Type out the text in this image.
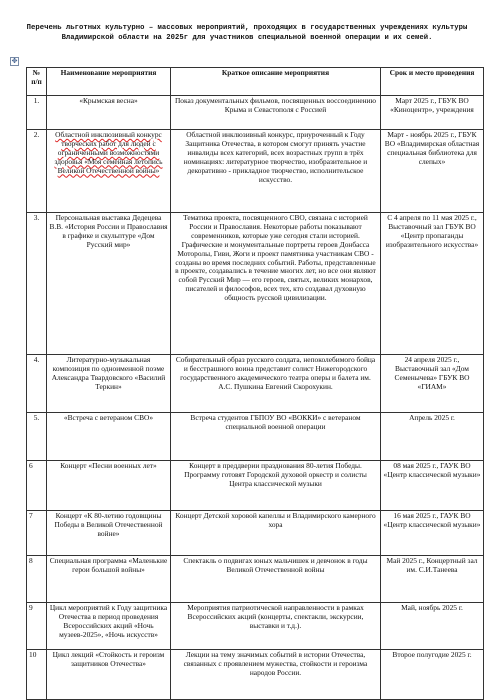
Перечень льготных культурно – массовых мероприятий, проходящих в государственных учреждениях культуры Владимирской области на 2025г для участников специальной военной операции и их семей.
✥
№ п/п	Наименование мероприятия	Краткое описание мероприятия	Срок и место проведения
1.	«Крымская весна»	Показ документальных фильмов, посвященных воссоединению Крыма и Севастополя с Россией	Март 2025 г., ГБУК ВО «Киноцентр», учреждения
2.	Областной инклюзивный конкурс творческих работ для людей с ограниченными возможностями здоровья «Моя семейная летопись Великой Отечественной войны»	Областной инклюзивный конкурс, приуроченный к Году Защитника Отечества, в котором смогут принять участие инвалиды всех категорий, всех возрастных групп в трёх номинациях: литературное творчество, изобразительное и декоративно - прикладное творчество, исполнительское искусство.	Март - ноябрь 2025 г., ГБУК ВО «Владимирская областная специальная библиотека для слепых»
3.	Персональная выставка Дедецева В.В. «История России и Православия в графике и скульптуре «Дом Русский мир»	Тематика проекта, посвященного СВО, связана с историей России и Православия. Некоторые работы показывают современников, которые уже сегодня стали историей. Графические и монументальные портреты героев Донбасса Моторолы, Гиви, Жоги и проект памятника участникам СВО - созданы во время последних событий. Работы, представленные в проекте, создавались в течение многих лет, но все они являют собой Русский Мир — его героев, святых, великих монархов, писателей и философов, всех тех, кто создавал духовную общность русской цивилизации.	С 4 апреля по 11 мая 2025 г., Выставочный зал ГБУК ВО «Центр пропаганды изобразительного искусства»
4.	Литературно-музыкальная композиция по одноименной поэме Александра Твардовского «Василий Теркин»	Собирательный образ русского солдата, непоколебимого бойца и бесстрашного воина представит солист Нижегородского государственного академического театра оперы и балета им. А.С. Пушкина Евгений Скорохукин.	24 апреля 2025 г., Выставочный зал «Дом Семенычева» ГБУК ВО «ГИАМ»
5.	«Встреча с ветераном СВО»	Встреча студентов ГБПОУ ВО «ВОККИ» с ветераном специальной военной операции	Апрель 2025 г.
6	Концерт «Песни военных лет»	Концерт в преддверии празднования 80-летия Победы. Программу готовят Городской духовой оркестр и солисты Центра классической музыки	08 мая 2025 г., ГАУК ВО «Центр классической музыки»
7	Концерт «К 80-летию годовщины Победы в Великой Отечественной войне»	Концерт Детской хоровой капеллы и Владимирского камерного хора	16 мая 2025 г., ГАУК ВО «Центр классической музыки»
8	Специальная программа «Маленькие герои большой войны»	Спектакль о подвигах юных мальчишек и девчонок в годы Великой Отечественной войны	Май 2025 г., Концертный зал им. С.И.Танеева
9	Цикл мероприятий к Году защитника Отечества в период проведения Всероссийских акций «Ночь музеев-2025», «Ночь искусств»	Мероприятия патриотической направленности в рамках Всероссийских акций (концерты, спектакли, экскурсии, выставки и т.д.).	Май, ноябрь 2025 г.
10	Цикл лекций «Стойкость и героизм защитников Отечества»	Лекции на тему значимых событий в истории Отечества, связанных с проявлением мужества, стойкости и героизма народов России.	Второе полугодие 2025 г.
